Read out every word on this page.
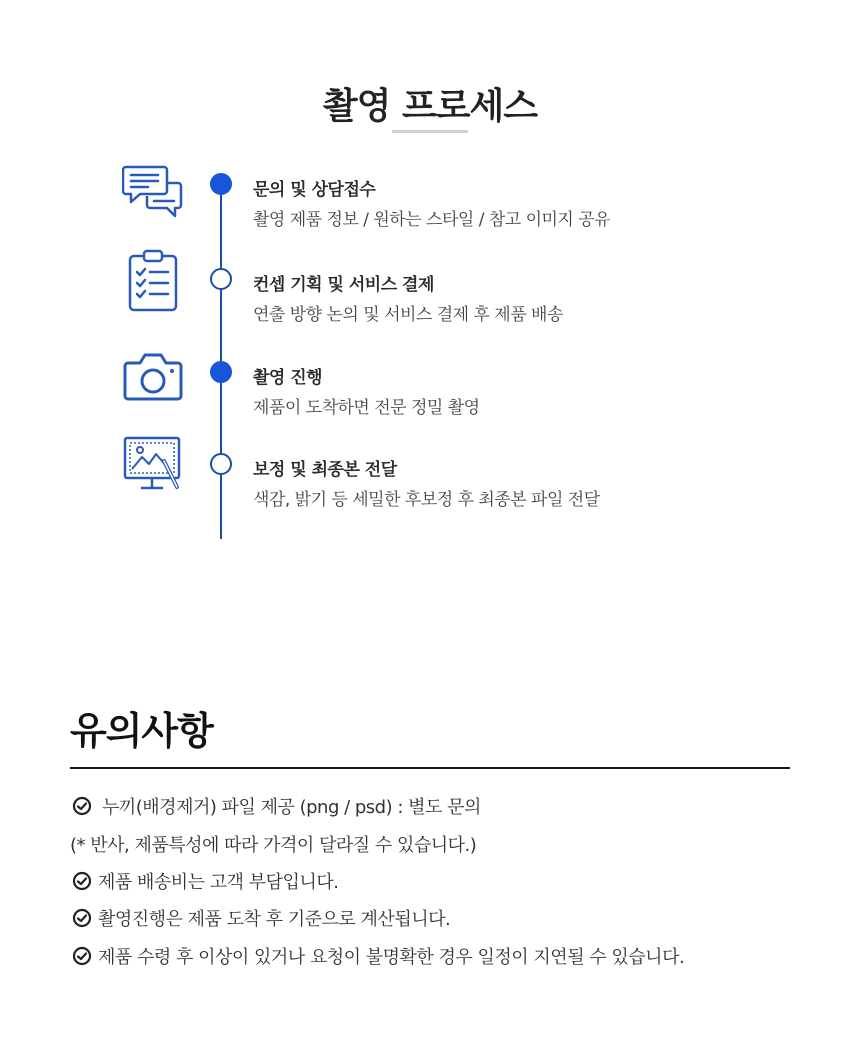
촬영 프로세스
문의 및 상담접수
촬영 제품 정보 / 원하는 스타일 / 참고 이미지 공유
컨셉 기획 및 서비스 결제
연출 방향 논의 및 서비스 결제 후 제품 배송
촬영 진행
제품이 도착하면 전문 정밀 촬영
보정 및 최종본 전달
색감, 밝기 등 세밀한 후보정 후 최종본 파일 전달
유의사항
누끼(배경제거) 파일 제공 (png / psd) : 별도 문의
(* 반사, 제품특성에 따라 가격이 달라질 수 있습니다.)
제품 배송비는 고객 부담입니다.
촬영진행은 제품 도착 후 기준으로 계산됩니다.
제품 수령 후 이상이 있거나 요청이 불명확한 경우 일정이 지연될 수 있습니다.
